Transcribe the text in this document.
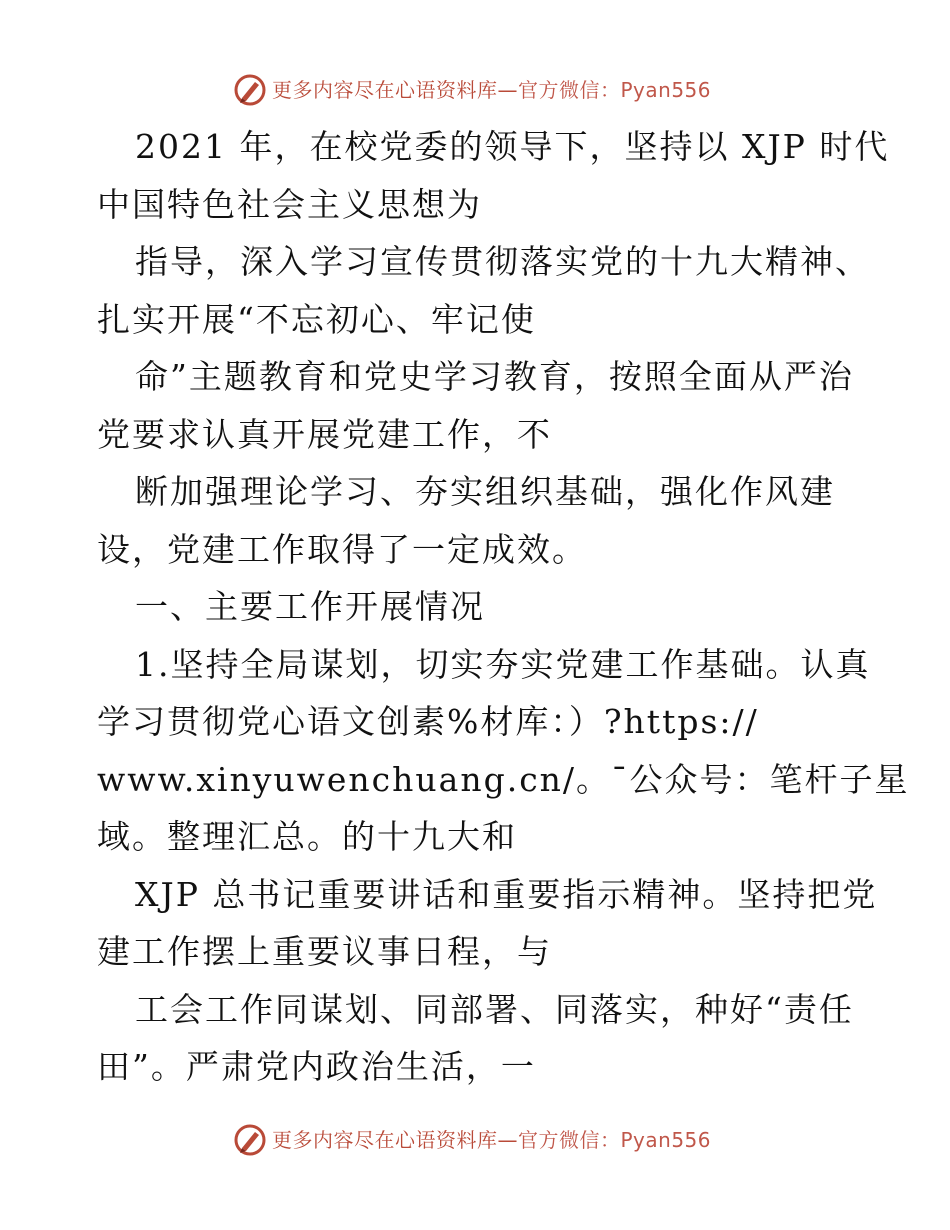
更多内容尽在心语资料库—官方微信：Pyan556
2021 年，在校党委的领导下，坚持以 XJP 时代
中国特色社会主义思想为
指导，深入学习宣传贯彻落实党的十九大精神、
扎实开展“不忘初心、牢记使
命”主题教育和党史学习教育，按照全面从严治
党要求认真开展党建工作，不
断加强理论学习、夯实组织基础，强化作风建
设，党建工作取得了一定成效。
一、主要工作开展情况
1.坚持全局谋划，切实夯实党建工作基础。认真
学习贯彻党心语文创素%材库：）?https://
www.xinyuwenchuang.cn/。¯公众号：笔杆子星
域。整理汇总。的十九大和
XJP 总书记重要讲话和重要指示精神。坚持把党
建工作摆上重要议事日程，与
工会工作同谋划、同部署、同落实，种好“责任
田”。严肃党内政治生活，一
更多内容尽在心语资料库—官方微信：Pyan556
